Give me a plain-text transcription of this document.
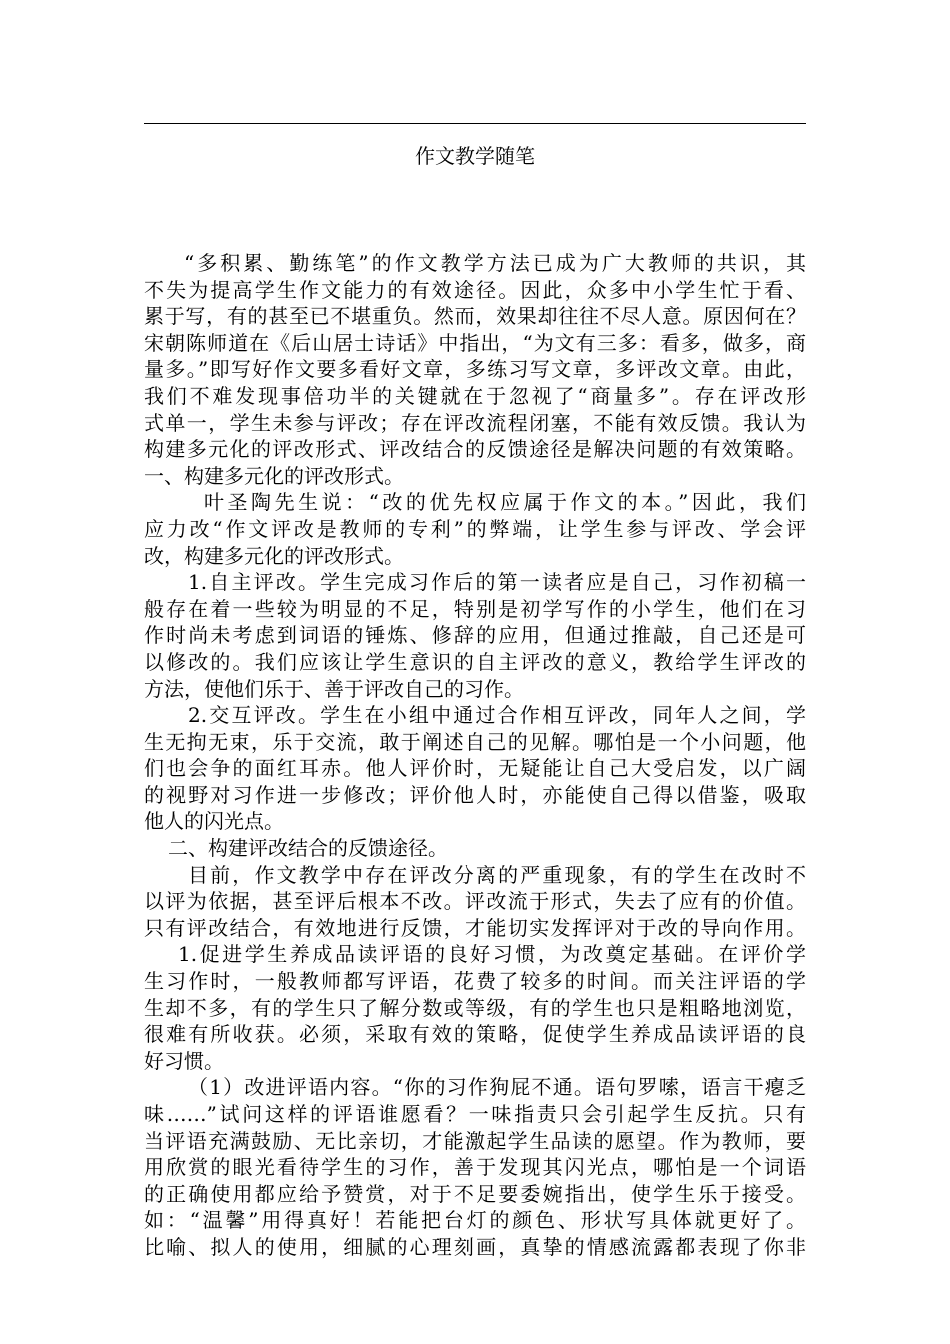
作文教学随笔
“多积累、勤练笔”的作文教学方法已成为广大教师的共识，其
不失为提高学生作文能力的有效途径。因此，众多中小学生忙于看、
累于写，有的甚至已不堪重负。然而，效果却往往不尽人意。原因何在？
宋朝陈师道在《后山居士诗话》中指出，“为文有三多：看多，做多，商
量多。”即写好作文要多看好文章，多练习写文章，多评改文章。由此，
我们不难发现事倍功半的关键就在于忽视了“商量多”。存在评改形
式单一，学生未参与评改；存在评改流程闭塞，不能有效反馈。我认为
构建多元化的评改形式、评改结合的反馈途径是解决问题的有效策略。
一、构建多元化的评改形式。
叶圣陶先生说：“改的优先权应属于作文的本。”因此，我们
应力改“作文评改是教师的专利”的弊端，让学生参与评改、学会评
改，构建多元化的评改形式。
1.自主评改。学生完成习作后的第一读者应是自己，习作初稿一
般存在着一些较为明显的不足，特别是初学写作的小学生，他们在习
作时尚未考虑到词语的锤炼、修辞的应用，但通过推敲，自己还是可
以修改的。我们应该让学生意识的自主评改的意义，教给学生评改的
方法，使他们乐于、善于评改自己的习作。
2.交互评改。学生在小组中通过合作相互评改，同年人之间，学
生无拘无束，乐于交流，敢于阐述自己的见解。哪怕是一个小问题，他
们也会争的面红耳赤。他人评价时，无疑能让自己大受启发，以广阔
的视野对习作进一步修改；评价他人时，亦能使自己得以借鉴，吸取
他人的闪光点。
二、构建评改结合的反馈途径。
目前，作文教学中存在评改分离的严重现象，有的学生在改时不
以评为依据，甚至评后根本不改。评改流于形式，失去了应有的价值。
只有评改结合，有效地进行反馈，才能切实发挥评对于改的导向作用。
1.促进学生养成品读评语的良好习惯，为改奠定基础。在评价学
生习作时，一般教师都写评语，花费了较多的时间。而关注评语的学
生却不多，有的学生只了解分数或等级，有的学生也只是粗略地浏览，
很难有所收获。必须，采取有效的策略，促使学生养成品读评语的良
好习惯。
（1）改进评语内容。“你的习作狗屁不通。语句罗嗦，语言干瘪乏
味……”试问这样的评语谁愿看？一味指责只会引起学生反抗。只有
当评语充满鼓励、无比亲切，才能激起学生品读的愿望。作为教师，要
用欣赏的眼光看待学生的习作，善于发现其闪光点，哪怕是一个词语
的正确使用都应给予赞赏，对于不足要委婉指出，使学生乐于接受。
如：“温馨”用得真好！若能把台灯的颜色、形状写具体就更好了。
比喻、拟人的使用，细腻的心理刻画，真挚的情感流露都表现了你非
